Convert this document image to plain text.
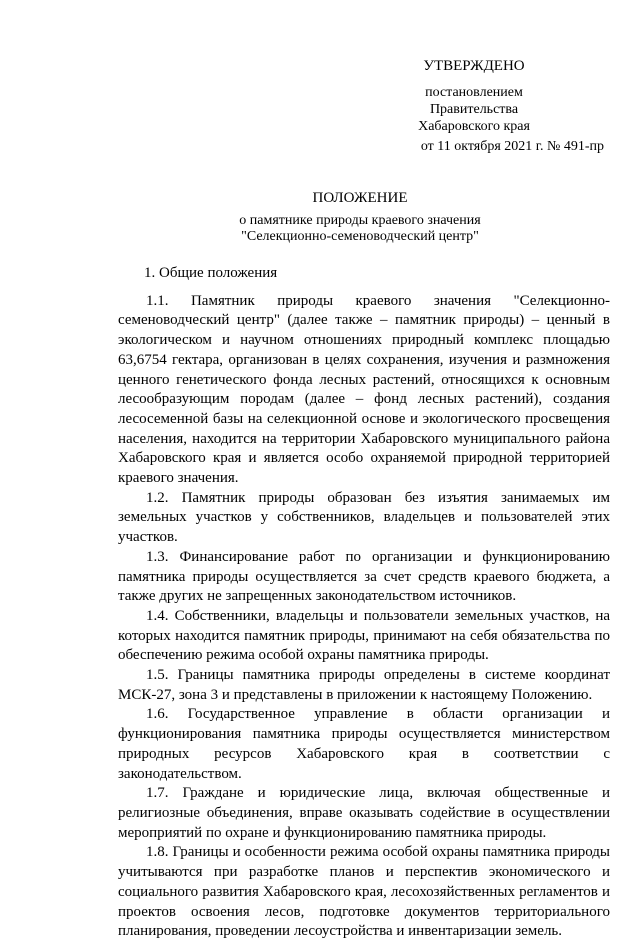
УТВЕРЖДЕНО
постановлением
Правительства
Хабаровского края
от 11 октября 2021 г. № 491-пр
ПОЛОЖЕНИЕ
о памятнике природы краевого значения
"Селекционно-семеноводческий центр"
1. Общие положения

1.1. Памятник природы краевого значения "Селекционно-семеноводческий центр" (далее также – памятник природы) – ценный в экологическом и научном отношениях природный комплекс площадью 63,6754 гектара, организован в целях сохранения, изучения и размножения ценного генетического фонда лесных растений, относящихся к основным лесообразующим породам (далее – фонд лесных растений), создания лесосеменной базы на селекционной основе и экологического просвещения населения, находится на территории Хабаровского муниципального района Хабаровского края и является особо охраняемой природной территорией краевого значения.

1.2. Памятник природы образован без изъятия занимаемых им земельных участков у собственников, владельцев и пользователей этих участков.

1.3. Финансирование работ по организации и функционированию памятника природы осуществляется за счет средств краевого бюджета, а также других не запрещенных законодательством источников.

1.4. Собственники, владельцы и пользователи земельных участков, на которых находится памятник природы, принимают на себя обязательства по обеспечению режима особой охраны памятника природы.

1.5. Границы памятника природы определены в системе координат МСК-27, зона 3 и представлены в приложении к настоящему Положению.

1.6. Государственное управление в области организации и функционирования памятника природы осуществляется министерством природных ресурсов Хабаровского края в соответствии с законодательством.

1.7. Граждане и юридические лица, включая общественные и религиозные объединения, вправе оказывать содействие в осуществлении мероприятий по охране и функционированию памятника природы.

1.8. Границы и особенности режима особой охраны памятника природы учитываются при разработке планов и перспектив экономического и социального развития Хабаровского края, лесохозяйственных регламентов и проектов освоения лесов, подготовке документов территориального планирования, проведении лесоустройства и инвентаризации земель.
